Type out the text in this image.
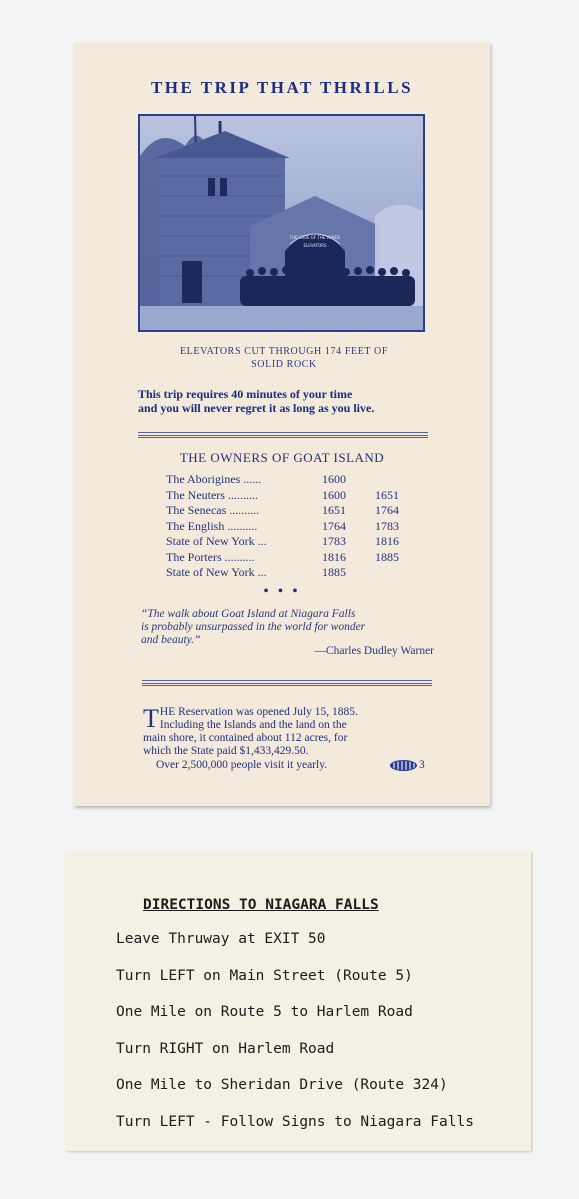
THE TRIP THAT THRILLS
THE CAVE OF THE WINDS
ELEVATORS
ELEVATORS CUT THROUGH 174 FEET OF
SOLID ROCK
This trip requires 40 minutes of your time
and you will never regret it as long as you live.
THE OWNERS OF GOAT ISLAND
The Aborigines ......	1600
The Neuters ..........	1600 1651
The Senecas ..........	1651 1764
The English ..........	1764 1783
State of New York ...	1783 1816
The Porters ..........	1816 1885
State of New York ...	1885
• • •
“The walk about Goat Island at Niagara Falls
is probably unsurpassed in the world for wonder
and beauty.”
—Charles Dudley Warner
T HE Reservation was opened July 15, 1885.
Including the Islands and the land on the
main shore, it contained about 112 acres, for
which the State paid $1,433,429.50.
Over 2,500,000 people visit it yearly.	3
DIRECTIONS TO NIAGARA FALLS
Leave Thruway at EXIT 50
Turn LEFT on Main Street (Route 5)
One Mile on Route 5 to Harlem Road
Turn RIGHT on Harlem Road
One Mile to Sheridan Drive (Route 324)
Turn LEFT - Follow Signs to Niagara Falls
